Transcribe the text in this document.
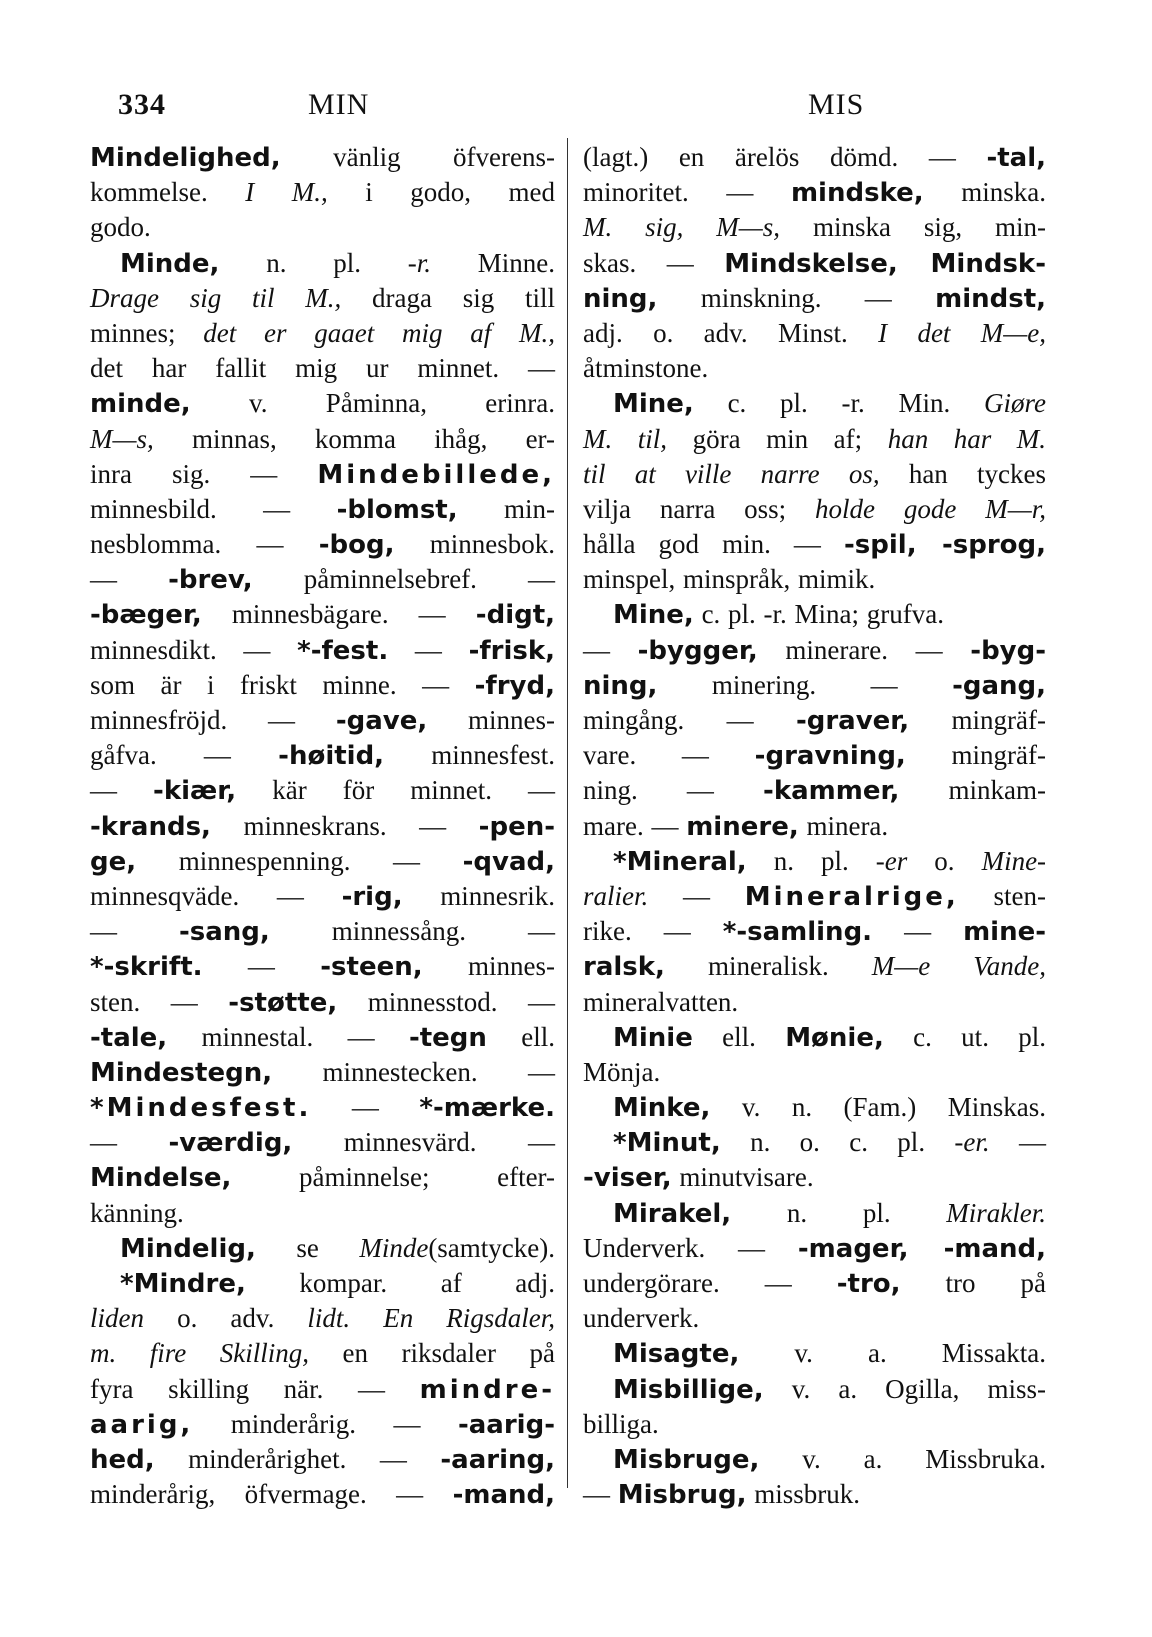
334	MIN	MIS
Mindelighed, vänlig öfverens-
kommelse. I M., i godo, med
godo.
Minde, n. pl. -r. Minne.
Drage sig til M., draga sig till
minnes; det er gaaet mig af M.,
det har fallit mig ur minnet. —
minde, v. Påminna, erinra.
M—s, minnas, komma ihåg, er-
inra sig. — Mindebillede,
minnesbild. — -blomst, min-
nesblomma. — -bog, minnesbok.
— -brev, påminnelsebref. —
-bæger, minnesbägare. — -digt,
minnesdikt. — *-fest. — -frisk,
som är i friskt minne. — -fryd,
minnesfröjd. — -gave, minnes-
gåfva. — -høitid, minnesfest.
— -kiær, kär för minnet. —
-krands, minneskrans. — -pen-
ge, minnespenning. — -qvad,
minnesqväde. — -rig, minnesrik.
— -sang, minnessång. —
*-skrift. — -steen, minnes-
sten. — -støtte, minnesstod. —
-tale, minnestal. — -tegn ell.
Mindestegn, minnestecken. —
*Mindesfest. — *-mærke.
— -værdig, minnesvärd. —
Mindelse,	påminnelse; efter-
känning.
Mindelig, se Minde(samtycke).
*Mindre, kompar. af adj.
liden o. adv. lidt. En Rigsdaler,
m. fire Skilling, en riksdaler på
fyra skilling när. — mindre-
aarig, minderårig. — -aarig-
hed, minderårighet. — -aaring,
minderårig, öfvermage. — -mand,
(lagt.) en ärelös dömd. — -tal,
minoritet. — mindske, minska.
M. sig, M—s, minska sig, min-
skas. — Mindskelse, Mindsk-
ning, minskning. — mindst,
adj. o. adv. Minst. I det M—e,
åtminstone.
Mine, c. pl. -r. Min. Giøre
M. til, göra min af; han har M.
til at ville narre os, han tyckes
vilja narra oss; holde gode M—r,
hålla god min. — -spil, -sprog,
minspel, minspråk, mimik.
Mine, c. pl. -r. Mina; grufva.
— -bygger, minerare. — -byg-
ning, minering. — -gang,
mingång. — -graver, mingräf-
vare. — -gravning, mingräf-
ning. — -kammer, minkam-
mare. — minere, minera.
*Mineral, n. pl. -er o. Mine-
ralier. — Mineralrige, sten-
rike. — *-samling. — mine-
ralsk, mineralisk. M—e Vande,
mineralvatten.
Minie ell. Mønie, c. ut. pl.
Mönja.
Minke, v. n. (Fam.) Minskas.
*Minut, n. o. c. pl. -er. —
-viser, minutvisare.
Mirakel, n. pl. Mirakler.
Underverk. — -mager, -mand,
undergörare. — -tro, tro på
underverk.
Misagte, v. a. Missakta.
Misbillige, v. a. Ogilla, miss-
billiga.
Misbruge, v. a. Missbruka.
— Misbrug, missbruk.
